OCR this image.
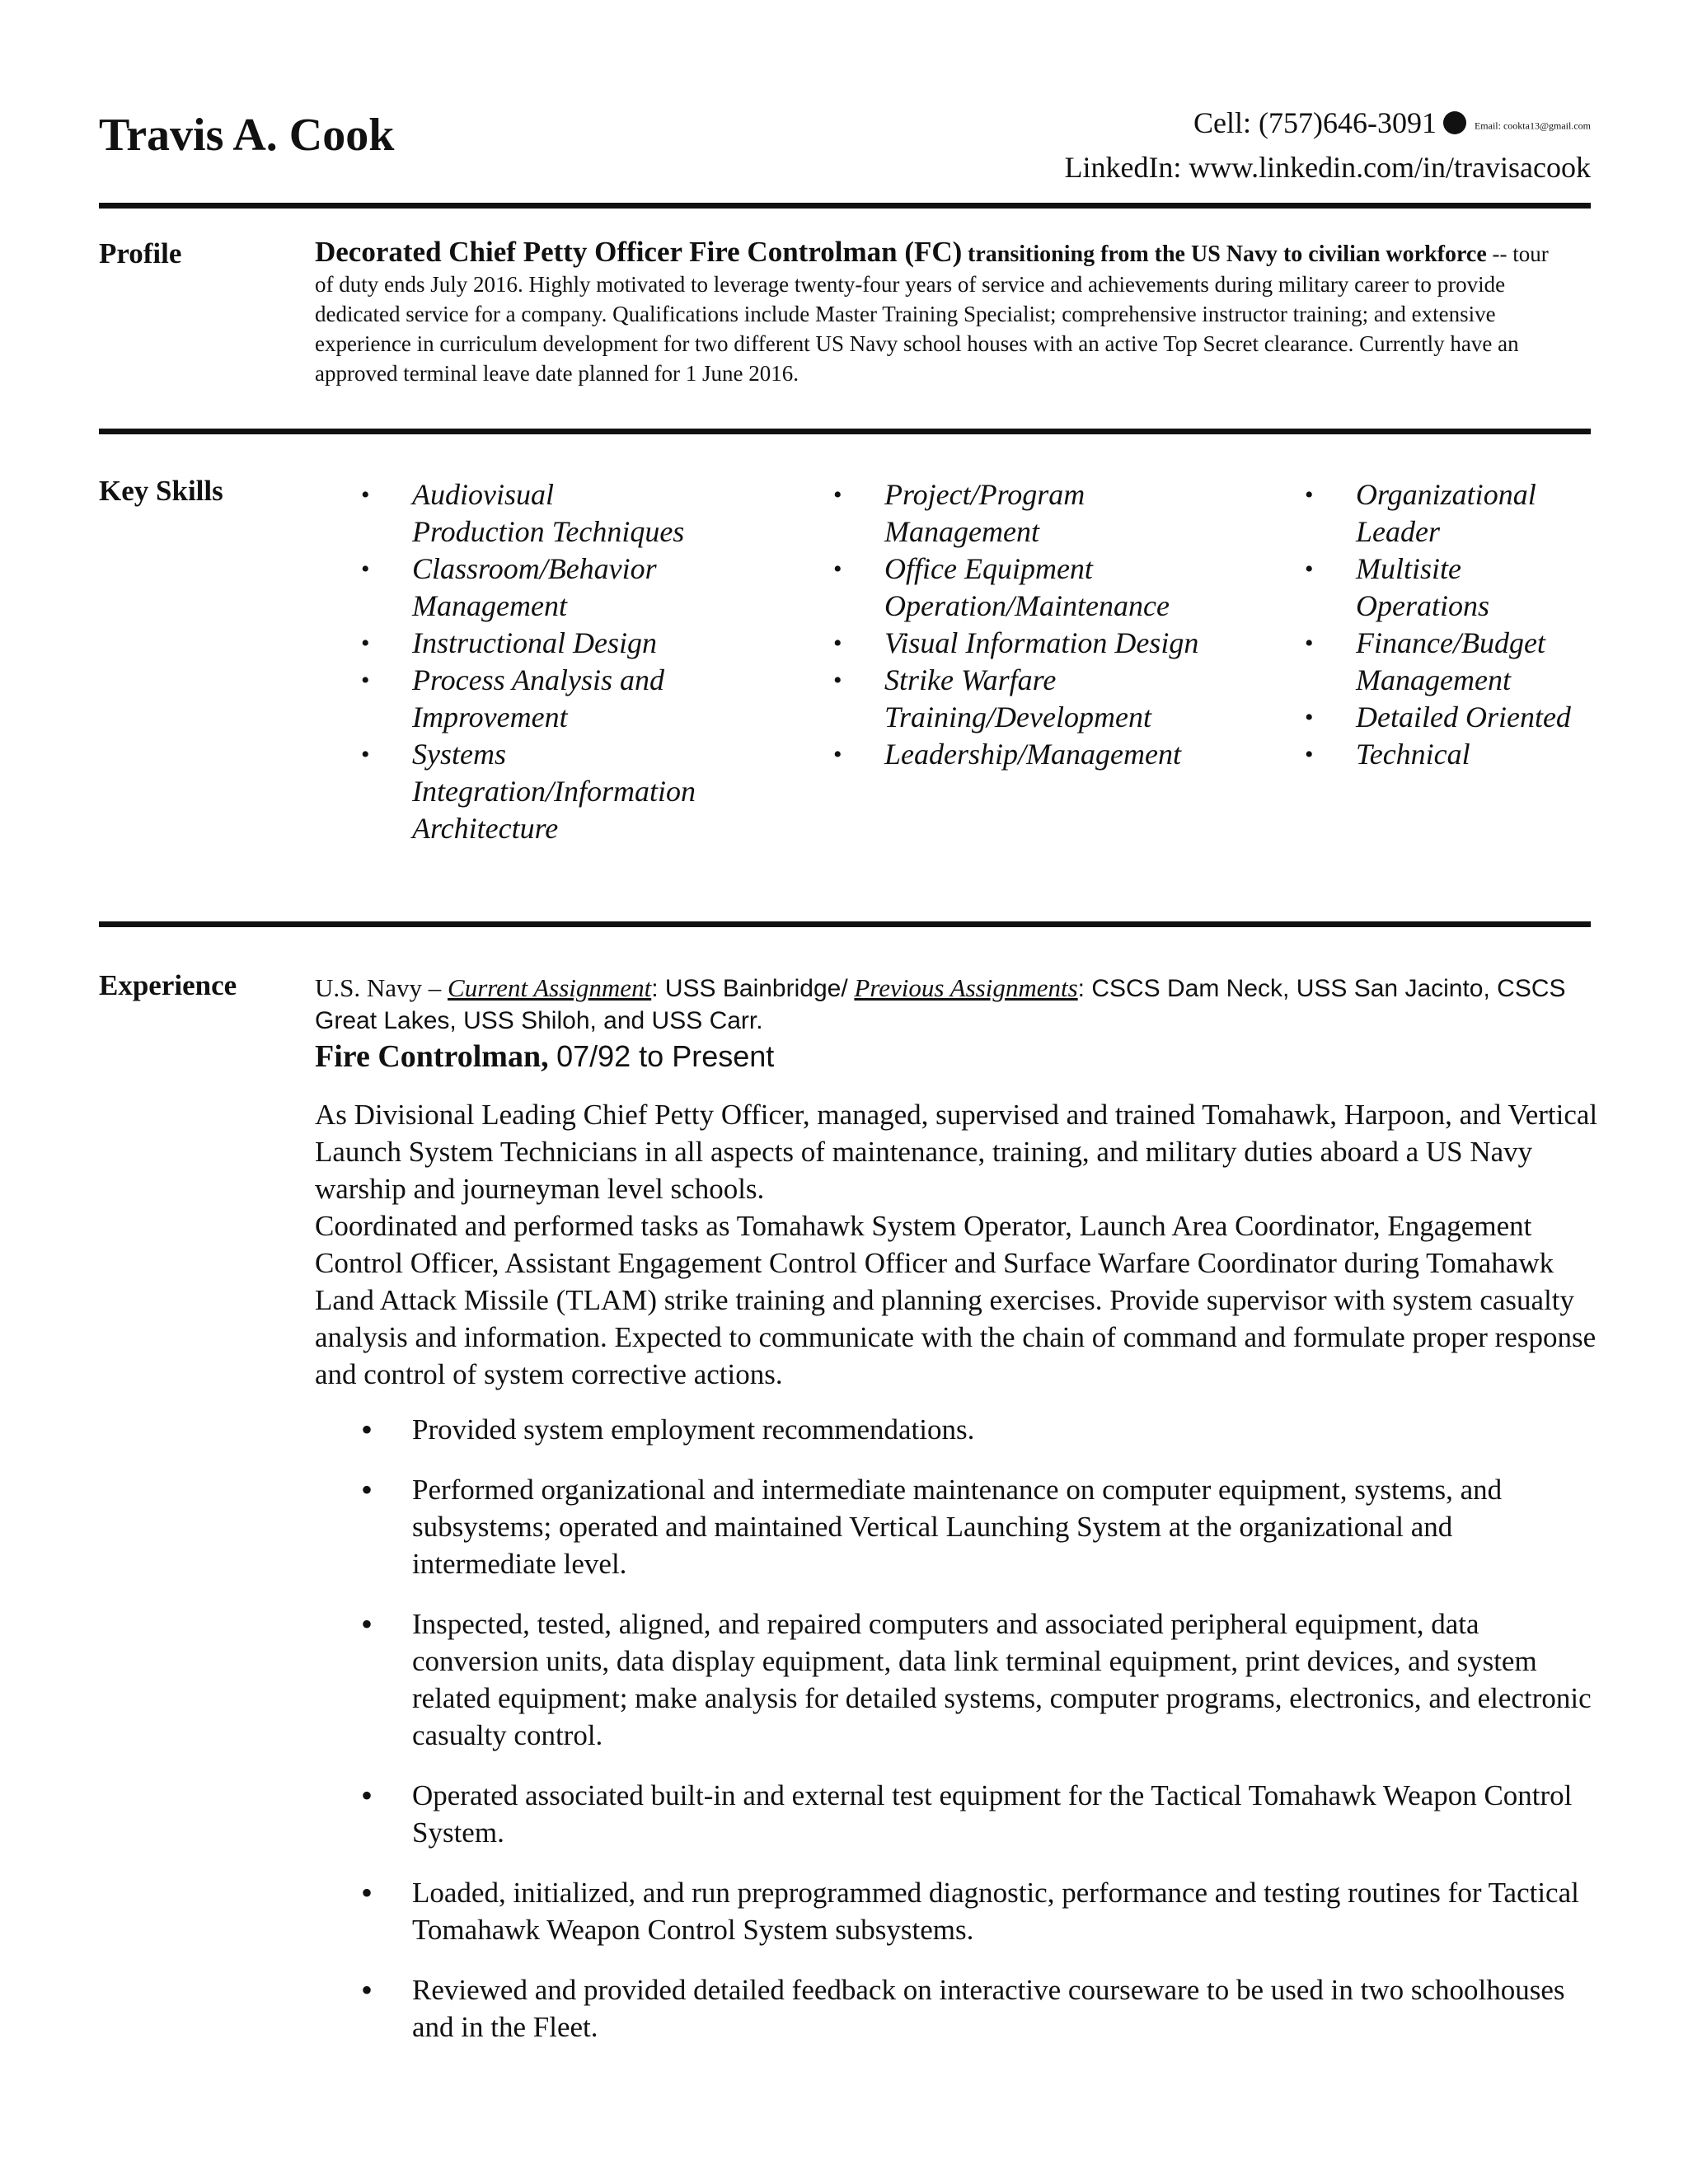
Travis A. Cook	Cell: (757)646-3091	Email: cookta13@gmail.com
LinkedIn: www.linkedin.com/in/travisacook
Profile	Decorated Chief Petty Officer Fire Controlman (FC) transitioning from the US Navy to civilian workforce -- tour of duty ends July 2016. Highly motivated to leverage twenty-four years of service and achievements during military career to provide dedicated service for a company. Qualifications include Master Training Specialist; comprehensive instructor training; and extensive experience in curriculum development for two different US Navy school houses with an active Top Secret clearance. Currently have an approved terminal leave date planned for 1 June 2016.
Key Skills
•	Audiovisual Production Techniques
• Classroom/Behavior Management
• Instructional Design
• Process Analysis and Improvement
• Systems Integration/Information Architecture
• Project/Program Management
• Office Equipment Operation/Maintenance
• Visual Information Design
• Strike Warfare Training/Development
• Leadership/Management
• Organizational Leader
• Multisite Operations
• Finance/Budget Management
• Detailed Oriented
• Technical
Experience	U.S. Navy – Current Assignment: USS Bainbridge/ Previous Assignments: CSCS Dam Neck, USS San Jacinto, CSCS Great Lakes, USS Shiloh, and USS Carr.
Fire Controlman, 07/92 to Present
As Divisional Leading Chief Petty Officer, managed, supervised and trained Tomahawk, Harpoon, and Vertical Launch System Technicians in all aspects of maintenance, training, and military duties aboard a US Navy warship and journeyman level schools.
Coordinated and performed tasks as Tomahawk System Operator, Launch Area Coordinator, Engagement Control Officer, Assistant Engagement Control Officer and Surface Warfare Coordinator during Tomahawk Land Attack Missile (TLAM) strike training and planning exercises. Provide supervisor with system casualty analysis and information. Expected to communicate with the chain of command and formulate proper response and control of system corrective actions.
• Provided system employment recommendations.
• Performed organizational and intermediate maintenance on computer equipment, systems, and subsystems; operated and maintained Vertical Launching System at the organizational and intermediate level.
• Inspected, tested, aligned, and repaired computers and associated peripheral equipment, data conversion units, data display equipment, data link terminal equipment, print devices, and system related equipment; make analysis for detailed systems, computer programs, electronics, and electronic casualty control.
• Operated associated built-in and external test equipment for the Tactical Tomahawk Weapon Control System.
• Loaded, initialized, and run preprogrammed diagnostic, performance and testing routines for Tactical Tomahawk Weapon Control System subsystems.
• Reviewed and provided detailed feedback on interactive courseware to be used in two schoolhouses and in the Fleet.
